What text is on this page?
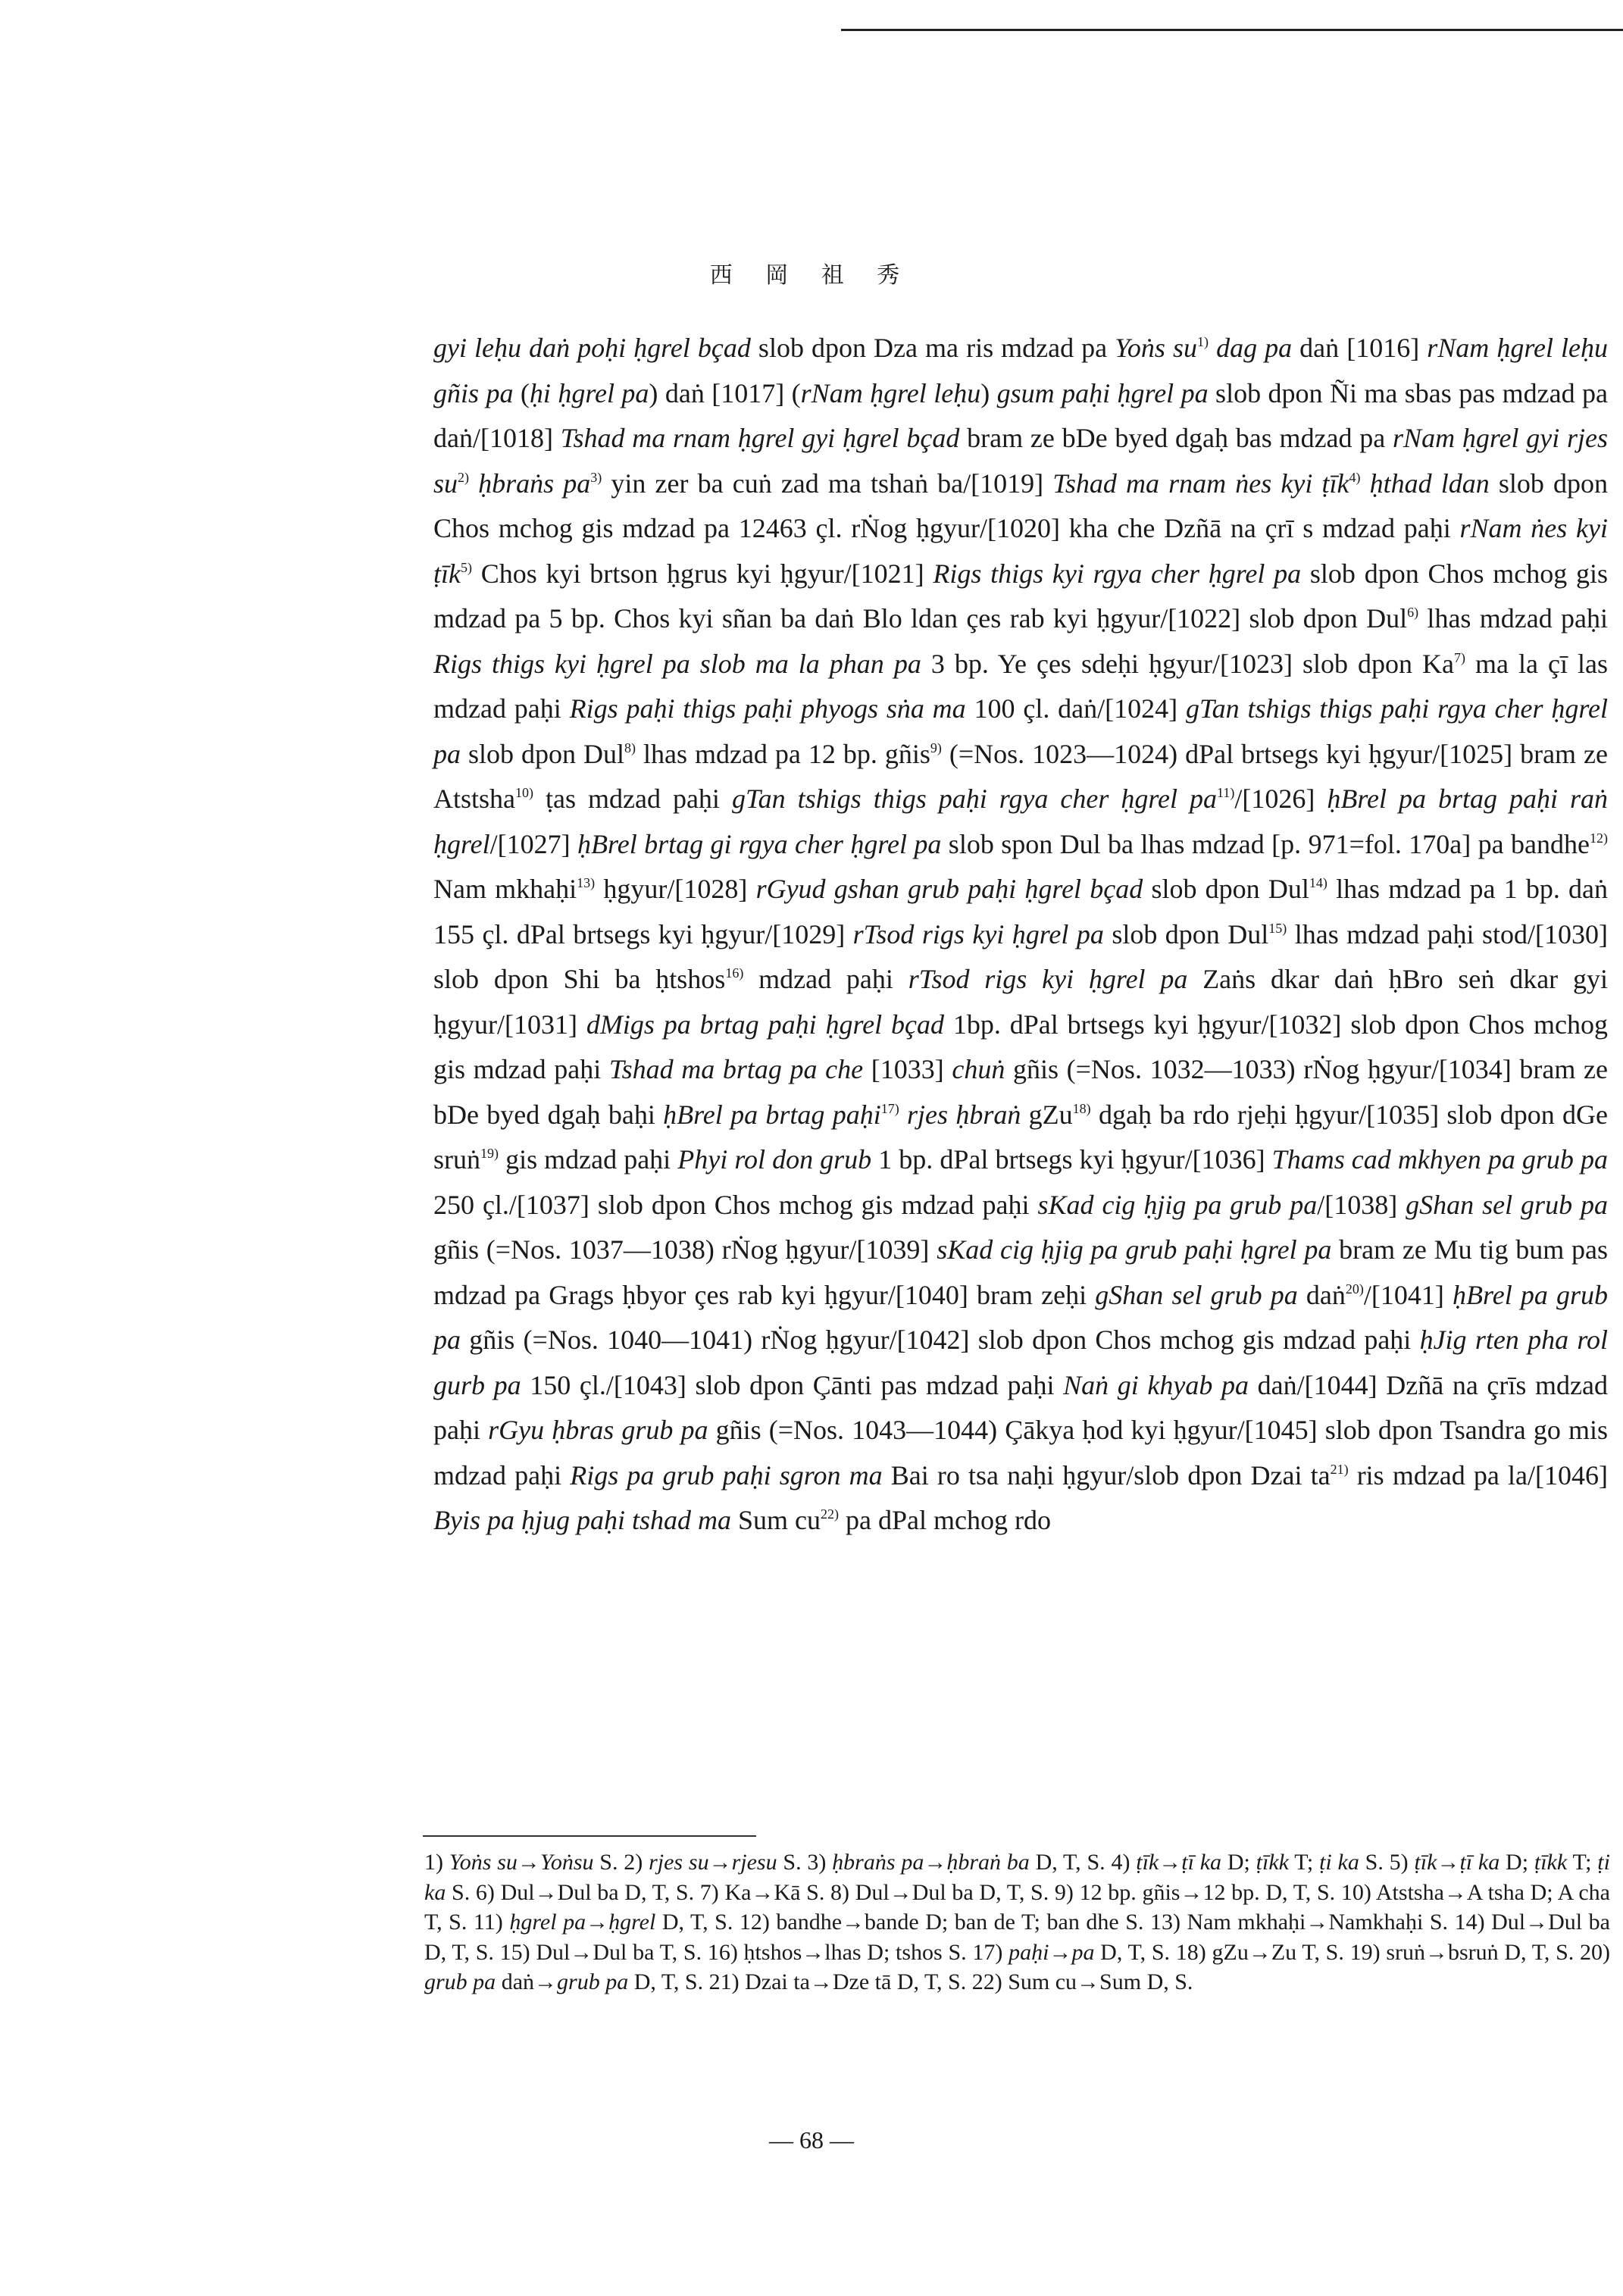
西 岡 祖 秀

gyi leḥu daṅ poḥi ḥgrel bçad slob dpon Dza ma ris mdzad pa Yoṅs $su^{1)}$ dag pa daṅ [1016] rNam ḥgrel leḥu gñis pa (ḥi ḥgrel pa) daṅ [1017] (rNam ḥgrel leḥu) gsum paḥi ḥgrel pa slob dpon Ñi ma sbas pas mdzad pa daṅ/[1018] Tshad ma rnam ḥgrel gyi ḥgrel bçad bram ze bDe byed dgaḥ bas mdzad pa rNam ḥgrel gyi rjes $su^{2)}$ ḥbraṅs $pa^{3)}$ yin zer ba cuṅ zad ma tshaṅ ba/[1019] Tshad ma rnam ṅes kyi ṭīk$^{4)}$ ḥthad ldan slob dpon Chos mchog gis mdzad pa 12463 çl. rṄog ḥgyur/[1020] kha che Dzñā na çrī s mdzad paḥi rNam ṅes kyi ṭīk$^{5)}$ Chos kyi brtson ḥgrus kyi ḥgyur/[1021] Rigs thigs kyi rgya cher ḥgrel pa slob dpon Chos mchog gis mdzad pa 5 bp. Chos kyi sñan ba daṅ Blo ldan çes rab kyi ḥgyur/[1022] slob dpon Dul$^{6)}$ lhas mdzad paḥi Rigs thigs kyi ḥgrel pa slob ma la phan pa 3 bp. Ye çes sdeḥi ḥgyur/[1023] slob dpon Ka$^{7)}$ ma la çī las mdzad paḥi Rigs paḥi thigs paḥi phyogs sṅa ma 100 çl. daṅ/[1024] gTan tshigs thigs paḥi rgya cher ḥgrel pa slob dpon Dul$^{8)}$ lhas mdzad pa 12 bp. gñis$^{9)}$ (=Nos. 1023—1024) dPal brtsegs kyi ḥgyur/[1025] bram ze Atstsha$^{10)}$ ṭas mdzad paḥi gTan tshigs thigs paḥi rgya cher ḥgrel $pa^{11)}/[1026]$ ḥBrel pa brtag paḥi raṅ ḥgrel/[1027] ḥBrel brtag gi rgya cher ḥgrel pa slob spon Dul ba lhas mdzad [p. 971=fol. 170a] pa bandhe$^{12)}$ Nam mkhaḥi$^{13)}$ ḥgyur/[1028] rGyud gshan grub paḥi ḥgrel bçad slob dpon Dul$^{14)}$ lhas mdzad pa 1 bp. daṅ 155 çl. dPal brtsegs kyi ḥgyur/[1029] rTsod rigs kyi ḥgrel pa slob dpon Dul$^{15)}$ lhas mdzad paḥi stod/[1030] slob dpon Shi ba ḥtshos$^{16)}$ mdzad paḥi rTsod rigs kyi ḥgrel pa Zaṅs dkar daṅ ḥBro seṅ dkar gyi ḥgyur/[1031] dMigs pa brtag paḥi ḥgrel bçad 1bp. dPal brtsegs kyi ḥgyur/[1032] slob dpon Chos mchog gis mdzad paḥi Tshad ma brtag pa che [1033] chuṅ gñis (=Nos. 1032—1033) rṄog ḥgyur/[1034] bram ze bDe byed dgaḥ baḥi ḥBrel pa brtag paḥi$^{17)}$ rjes ḥbraṅ gZu$^{18)}$ dgaḥ ba rdo rjeḥi ḥgyur/[1035] slob dpon dGe sruṅ$^{19)}$ gis mdzad paḥi Phyi rol don grub 1 bp. dPal brtsegs kyi ḥgyur/[1036] Thams cad mkhyen pa grub pa 250 çl./[1037] slob dpon Chos mchog gis mdzad paḥi sKad cig ḥjig pa grub pa/[1038] gShan sel grub pa gñis (=Nos. 1037—1038) rṄog ḥgyur/[1039] sKad cig ḥjig pa grub paḥi ḥgrel pa bram ze Mu tig bum pas mdzad pa Grags ḥbyor çes rab kyi ḥgyur/[1040] bram zeḥi gShan sel grub pa daṅ$^{20)}$/[1041] ḥBrel pa grub pa gñis (=Nos. 1040—1041) rṄog ḥgyur/[1042] slob dpon Chos mchog gis mdzad paḥi ḥJig rten pha rol gurb pa 150 çl./[1043] slob dpon Çānti pas mdzad paḥi Naṅ gi khyab pa daṅ/[1044] Dzñā na çrīs mdzad paḥi rGyu ḥbras grub pa gñis (=Nos. 1043—1044) Çākya ḥod kyi ḥgyur/[1045] slob dpon Tsandra go mis mdzad paḥi Rigs pa grub paḥi sgron ma Bai ro tsa naḥi ḥgyur/slob dpon Dzai $ta^{21)}$ ris mdzad pa la/[1046] Byis pa ḥjug paḥi tshad ma Sum $cu^{22)}$ pa dPal mchog rdo

1) Yoṅs su→Yoṅsu S. 2) rjes su→rjesu S. 3) ḥbraṅs pa→ḥbraṅ ba D, T, S. 4) ṭīk→ṭī ka D; ṭīkk T; ṭi ka S. 5) ṭīk→ṭī ka D; ṭīkk T; ṭi ka S. 6) Dul→Dul ba D, T, S. 7) Ka→Kā S. 8) Dul→Dul ba D, T, S. 9) 12 bp. gñis→12 bp. D, T, S. 10) Atstsha→A tsha D; A cha T, S. 11) ḥgrel pa→ḥgrel D, T, S. 12) bandhe→bande D; ban de T; ban dhe S. 13) Nam mkhaḥi→Namkhaḥi S. 14) Dul→Dul ba D, T, S. 15) Dul→Dul ba T, S. 16) ḥtshos→lhas D; tshos S. 17) paḥi→pa D, T, S. 18) gZu→Zu T, S. 19) sruṅ→bsruṅ D, T, S. 20) grub pa daṅ→grub pa D, T, S. 21) Dzai ta→Dze tā D, T, S. 22) Sum cu→Sum D, S.

— 68 —
